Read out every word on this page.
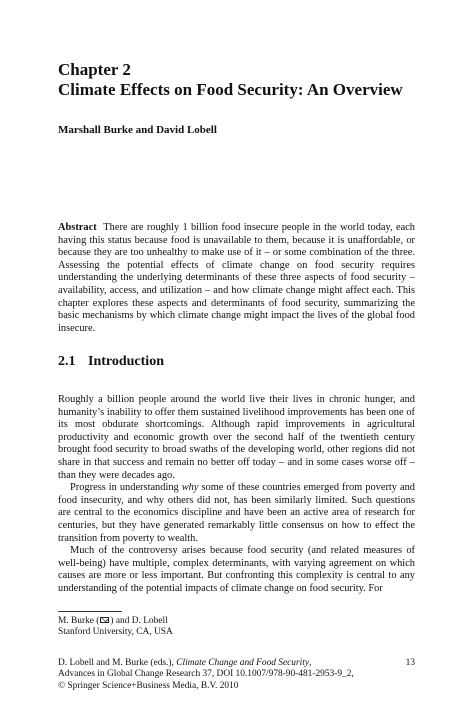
Chapter 2
Climate Effects on Food Security: An Overview
Marshall Burke and David Lobell

Abstract There are roughly 1 billion food insecure people in the world today, each having this status because food is unavailable to them, because it is unaffordable, or because they are too unhealthy to make use of it – or some combination of the three. Assessing the potential effects of climate change on food security requires understanding the underlying determinants of these three aspects of food security – availability, access, and utilization – and how climate change might affect each. This chapter explores these aspects and determinants of food security, summarizing the basic mechanisms by which climate change might impact the lives of the global food insecure.

2.1 Introduction

Roughly a billion people around the world live their lives in chronic hunger, and humanity’s inability to offer them sustained livelihood improvements has been one of its most obdurate shortcomings. Although rapid improvements in agricultural productivity and economic growth over the second half of the twentieth century brought food security to broad swaths of the developing world, other regions did not share in that success and remain no better off today – and in some cases worse off – than they were decades ago.

Progress in understanding why some of these countries emerged from poverty and food insecurity, and why others did not, has been similarly limited. Such questions are central to the economics discipline and have been an active area of research for centuries, but they have generated remarkably little consensus on how to effect the transition from poverty to wealth.

Much of the controversy arises because food security (and related measures of well-being) have multiple, complex determinants, with varying agreement on which causes are more or less important. But confronting this complexity is central to any understanding of the potential impacts of climate change on food security. For

M. Burke ( ) and D. Lobell
Stanford University, CA, USA
D. Lobell and M. Burke (eds.), Climate Change and Food Security,
Advances in Global Change Research 37, DOI 10.1007/978-90-481-2953-9_2,
© Springer Science+Business Media, B.V. 2010
13
